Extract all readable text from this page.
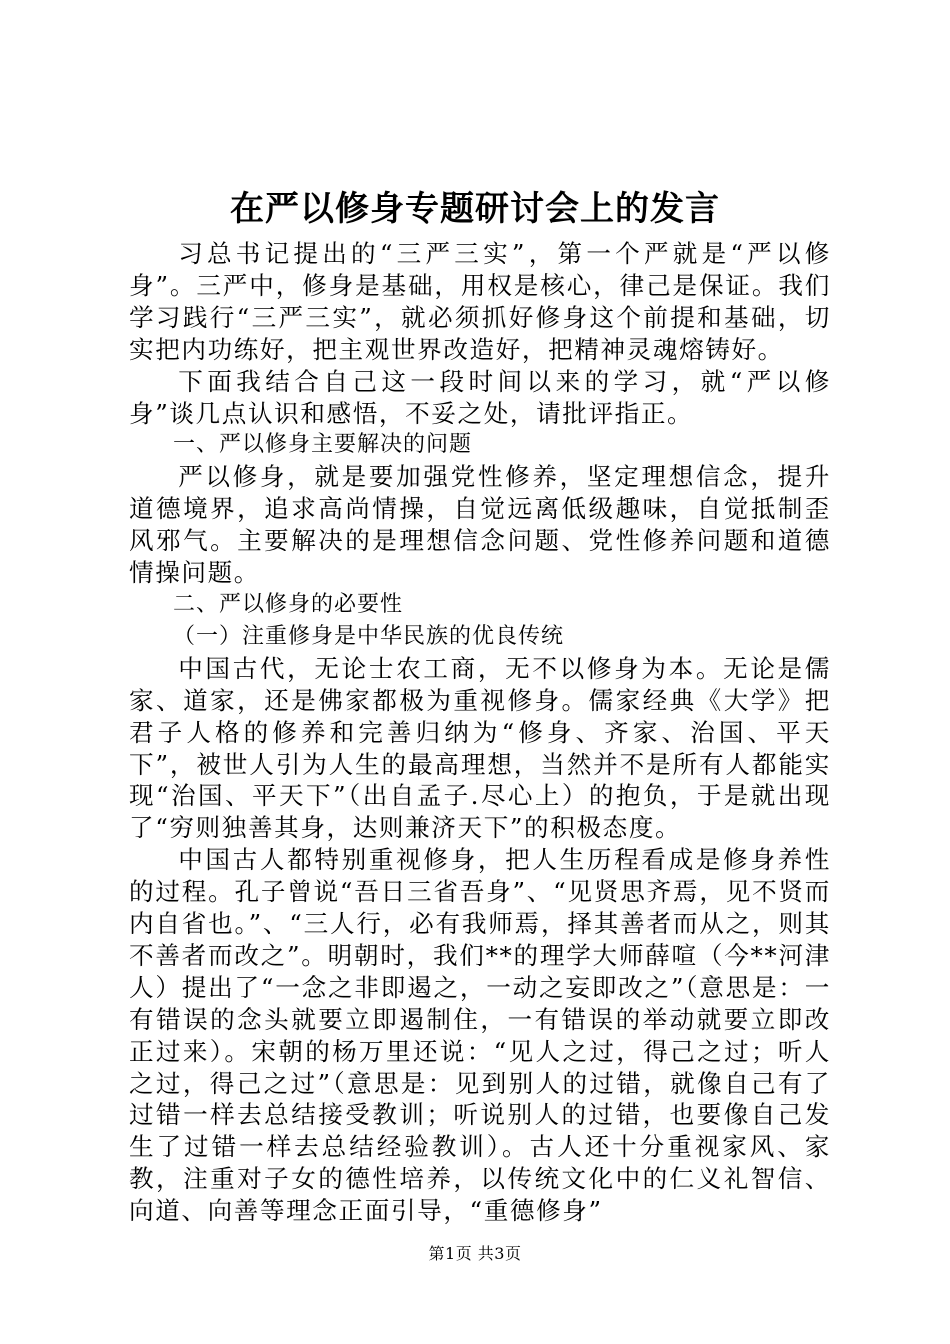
在严以修身专题研讨会上的发言

习总书记提出的“三严三实”，第一个严就是“严以修身”。三严中，修身是基础，用权是核心，律己是保证。我们学习践行“三严三实”，就必须抓好修身这个前提和基础，切实把内功练好，把主观世界改造好，把精神灵魂熔铸好。

下面我结合自己这一段时间以来的学习，就“严以修身”谈几点认识和感悟，不妥之处，请批评指正。

一、严以修身主要解决的问题

严以修身，就是要加强党性修养，坚定理想信念，提升道德境界，追求高尚情操，自觉远离低级趣味，自觉抵制歪风邪气。主要解决的是理想信念问题、党性修养问题和道德情操问题。

二、严以修身的必要性

（一）注重修身是中华民族的优良传统

中国古代，无论士农工商，无不以修身为本。无论是儒家、道家，还是佛家都极为重视修身。儒家经典《大学》把君子人格的修养和完善归纳为“修身、齐家、治国、平天下”，被世人引为人生的最高理想，当然并不是所有人都能实现“治国、平天下”（出自孟子.尽心上）的抱负，于是就出现了“穷则独善其身，达则兼济天下”的积极态度。

中国古人都特别重视修身，把人生历程看成是修身养性的过程。孔子曾说“吾日三省吾身”、“见贤思齐焉，见不贤而内自省也。”、“三人行，必有我师焉，择其善者而从之，则其不善者而改之”。明朝时，我们**的理学大师薛喧（今**河津人）提出了“一念之非即遏之，一动之妄即改之”（意思是：一有错误的念头就要立即遏制住，一有错误的举动就要立即改正过来）。宋朝的杨万里还说：“见人之过，得己之过；听人之过，得己之过”（意思是：见到别人的过错，就像自己有了过错一样去总结接受教训；听说别人的过错，也要像自己发生了过错一样去总结经验教训）。古人还十分重视家风、家教，注重对子女的德性培养，以传统文化中的仁义礼智信、向道、向善等理念正面引导，“重德修身”

第1页 共3页
